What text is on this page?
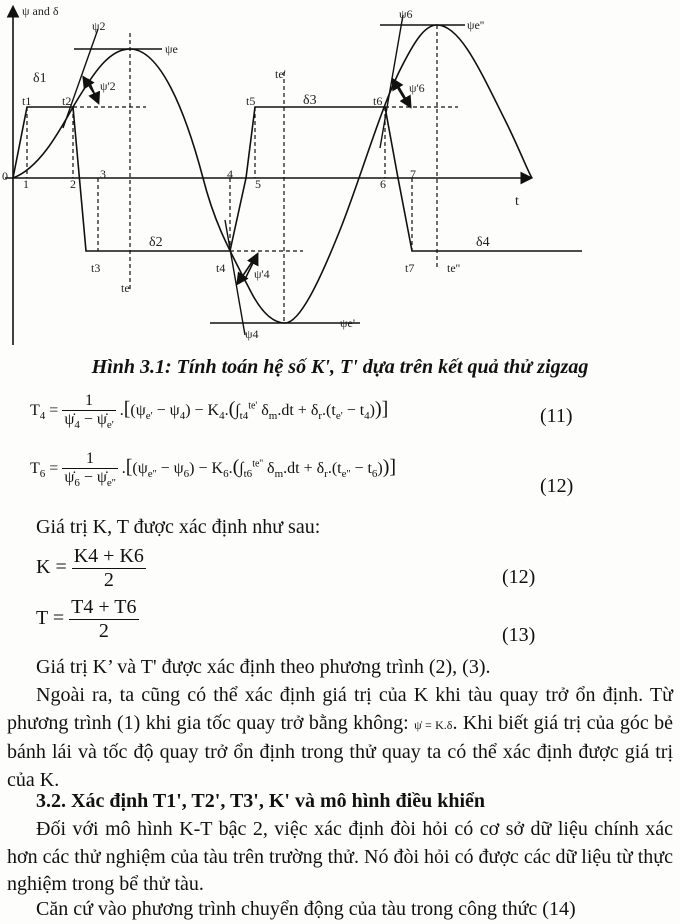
ψ and δ
t
0
1	2
3	4
5	6
7
t1	t2
t3	t4
t5	t6
t7
te
te'
te''
δ1
δ2
δ3
δ4
ψ2
ψe
ψ'2
ψ4
ψe'
ψ'4
ψ6
ψe''
ψ'6
Hình 3.1: Tính toán hệ số K', T' dựa trên kết quả thử zigzag
$T_4 = \frac{1}{\psi̇_4 - \psi̇_{e'}} .[(\psi_{e'} - \psi_4) - K_4.(\int_{t4}^{te'}$ $\delta_m.dt + \delta_r.(t_{e'} - t_4)$)]	(11)
$T_6 = \frac{1}{\psi̇_6 - \psi̇_{e''}} .[(\psi_{e''} - \psi_6) - K_6.(\int_{t6}^{te''}$ $\delta_m.dt + \delta_r.(t_{e''} - t_6)$)]
(12)
Giá trị K, T được xác định như sau:
$K = \frac{K4 + K6}{2}$	(12)
$T = \frac{T4 + T6}{2}$	(13)
Giá trị K’ và T' được xác định theo phương trình (2), (3).
Ngoài ra, ta cũng có thể xác định giá trị của K khi tàu quay trở ổn định. Từ phương trình (1) khi gia tốc quay trở bằng không: ψ̇ = K.δ. Khi biết giá trị của góc bẻ bánh lái và tốc độ quay trở ổn định trong thử quay ta có thể xác định được giá trị của K.
3.2. Xác định T1', T2', T3', K' và mô hình điều khiển
Đối với mô hình K-T bậc 2, việc xác định đòi hỏi có cơ sở dữ liệu chính xác hơn các thử nghiệm của tàu trên trường thử. Nó đòi hỏi có được các dữ liệu từ thực nghiệm trong bể thử tàu.
Căn cứ vào phương trình chuyển động của tàu trong công thức (14)
